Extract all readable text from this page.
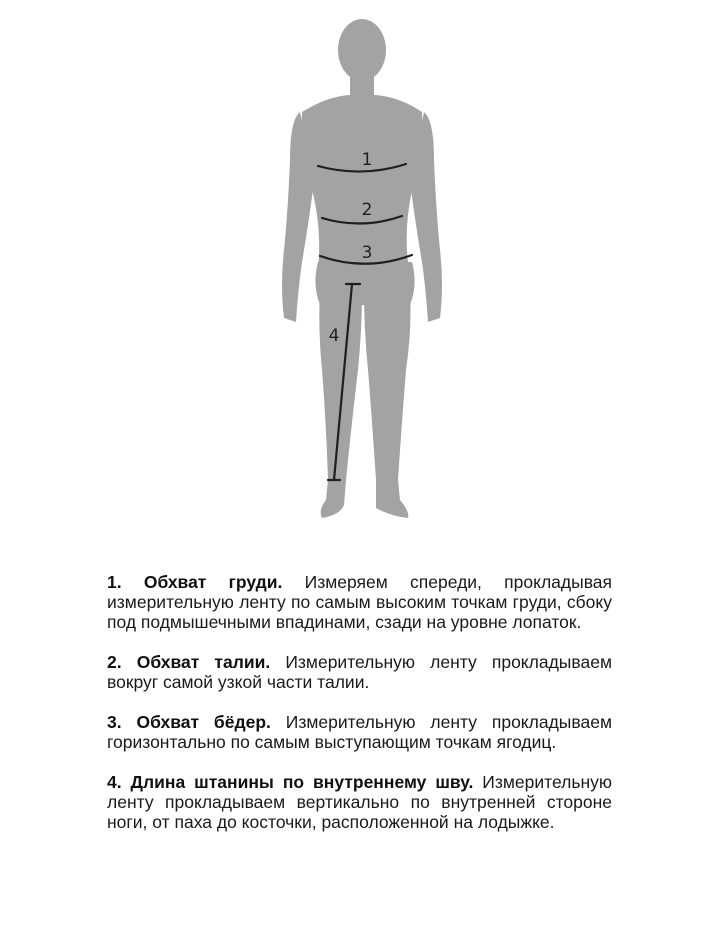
1
2
3
4

1. Обхват груди. Измеряем спереди, прокладывая измерительную ленту по самым высоким точкам груди, сбоку под подмышечными впадинами, сзади на уровне лопаток.

2. Обхват талии. Измерительную ленту прокладываем вокруг самой узкой части талии.

3. Обхват бёдер. Измерительную ленту прокладываем горизонтально по самым выступающим точкам ягодиц.

4. Длина штанины по внутреннему шву. Измерительную ленту прокладываем вертикально по внутренней стороне ноги, от паха до косточки, расположенной на лодыжке.
